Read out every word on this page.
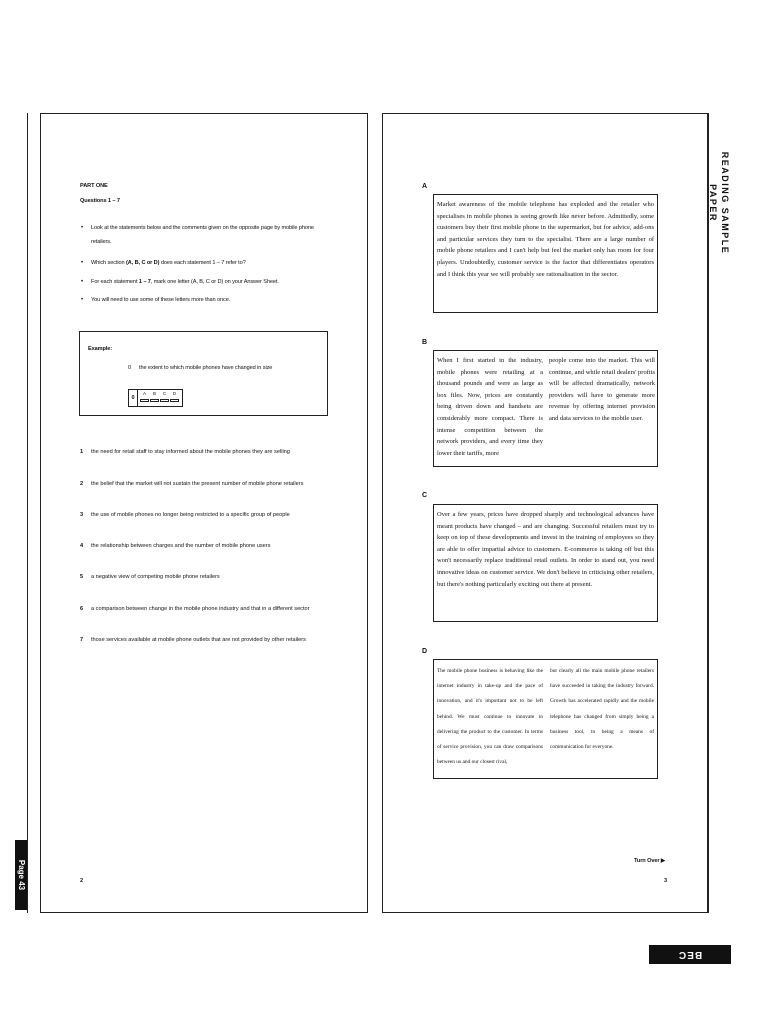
Page 43
READING SAMPLE PAPER
BEC VANTAGE
PART ONE
Questions 1 – 7
• Look at the statements below and the comments given on the opposite page by mobile phone
retailers.
• Which section (A, B, C or D) does each statement 1 – 7 refer to?
• For each statement 1 – 7, mark one letter (A, B, C or D) on your Answer Sheet.
• You will need to use some of these letters more than once.
Example:
0 the extent to which mobile phones have changed in size
0
A	B	C	D
1 the need for retail staff to stay informed about the mobile phones they are selling
2 the belief that the market will not sustain the present number of mobile phone retailers
3 the use of mobile phones no longer being restricted to a specific group of people
4 the relationship between charges and the number of mobile phone users
5 a negative view of competing mobile phone retailers
6 a comparison between change in the mobile phone industry and that in a different sector
7 those services available at mobile phone outlets that are not provided by other retailers
2
A
Market awareness of the mobile telephone has exploded and the retailer who specialises in mobile phones is seeing growth like never before. Admittedly, some customers buy their first mobile phone in the supermarket, but for advice, add-ons and particular services they turn to the specialist. There are a large number of mobile phone retailers and I can't help but feel the market only has room for four players. Undoubtedly, customer service is the factor that differentiates operators and I think this year we will probably see rationalisation in the sector.
B
When I first started in the industry, mobile phones were retailing at a thousand pounds and were as large as box files. Now, prices are constantly being driven down and handsets are considerably more compact. There is intense competition between the network providers, and every time they lower their tariffs, more
people come into the market. This will continue, and while retail dealers' profits will be affected dramatically, network providers will have to generate more revenue by offering internet provision and data services to the mobile user.
C
Over a few years, prices have dropped sharply and technological advances have meant products have changed – and are changing. Successful retailers must try to keep on top of these developments and invest in the training of employees so they are able to offer impartial advice to customers. E-commerce is taking off but this won't necessarily replace traditional retail outlets. In order to stand out, you need innovative ideas on customer service. We don't believe in criticising other retailers, but there's nothing particularly exciting out there at present.
D
The mobile phone business is behaving like the internet industry in take-up and the pace of innovation, and it's important not to be left behind. We must continue to innovate in delivering the product to the customer. In terms of service provision, you can draw comparisons between us and our closest rival,
but clearly all the main mobile phone retailers have succeeded in taking the industry forward. Growth has accelerated rapidly and the mobile telephone has changed from simply being a business tool, to being a means of communication for everyone.
Turn Over ▶
3
